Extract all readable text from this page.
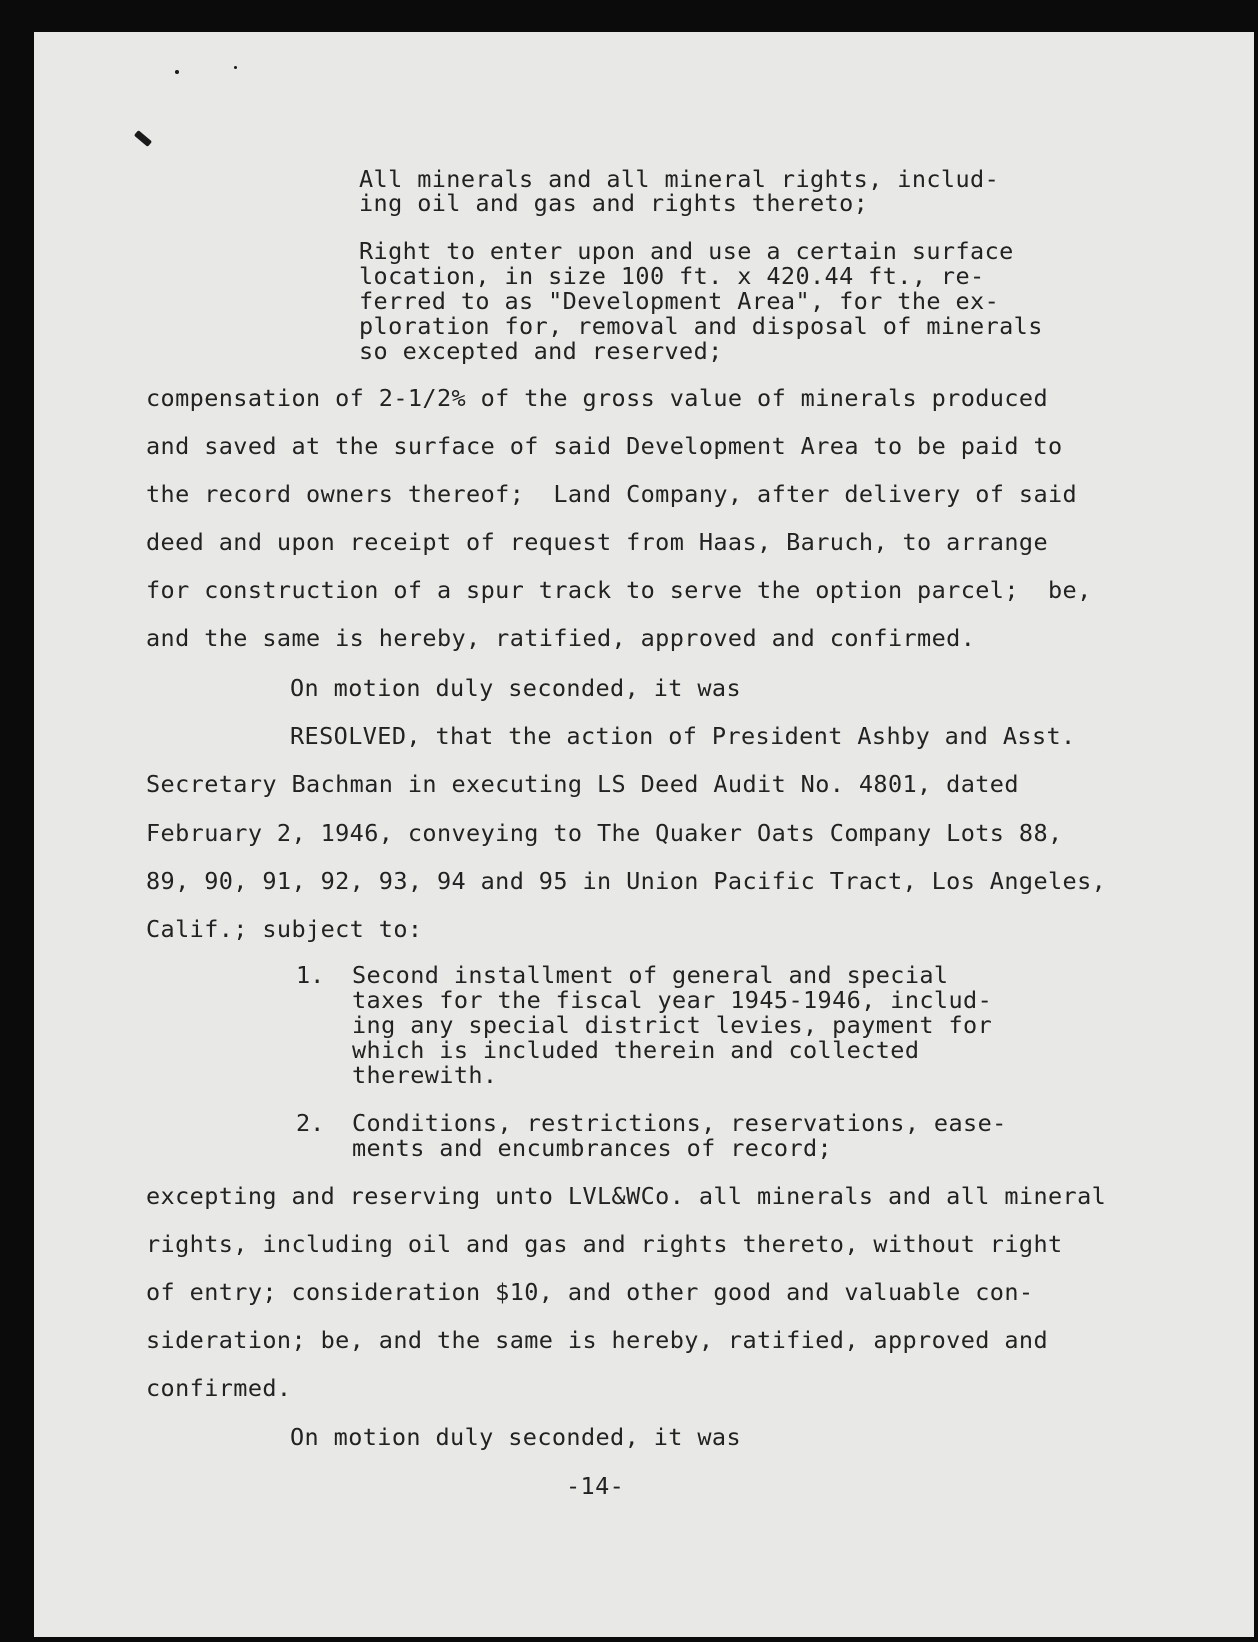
All minerals and all mineral rights, includ-

ing oil and gas and rights thereto;

Right to enter upon and use a certain surface

location, in size 100 ft. x 420.44 ft., re-

ferred to as "Development Area", for the ex-

ploration for, removal and disposal of minerals

so excepted and reserved;

compensation of 2-1/2% of the gross value of minerals produced

and saved at the surface of said Development Area to be paid to

the record owners thereof;  Land Company, after delivery of said

deed and upon receipt of request from Haas, Baruch, to arrange

for construction of a spur track to serve the option parcel;  be,

and the same is hereby, ratified, approved and confirmed.

On motion duly seconded, it was

RESOLVED, that the action of President Ashby and Asst.

Secretary Bachman in executing LS Deed Audit No. 4801, dated

February 2, 1946, conveying to The Quaker Oats Company Lots 88,

89, 90, 91, 92, 93, 94 and 95 in Union Pacific Tract, Los Angeles,

Calif.; subject to:

1. Second installment of general and special

taxes for the fiscal year 1945-1946, includ-

ing any special district levies, payment for

which is included therein and collected

therewith.

2. Conditions, restrictions, reservations, ease-

ments and encumbrances of record;

excepting and reserving unto LVL&WCo. all minerals and all mineral

rights, including oil and gas and rights thereto, without right

of entry; consideration $10, and other good and valuable con-

sideration; be, and the same is hereby, ratified, approved and

confirmed.

On motion duly seconded, it was

-14-
